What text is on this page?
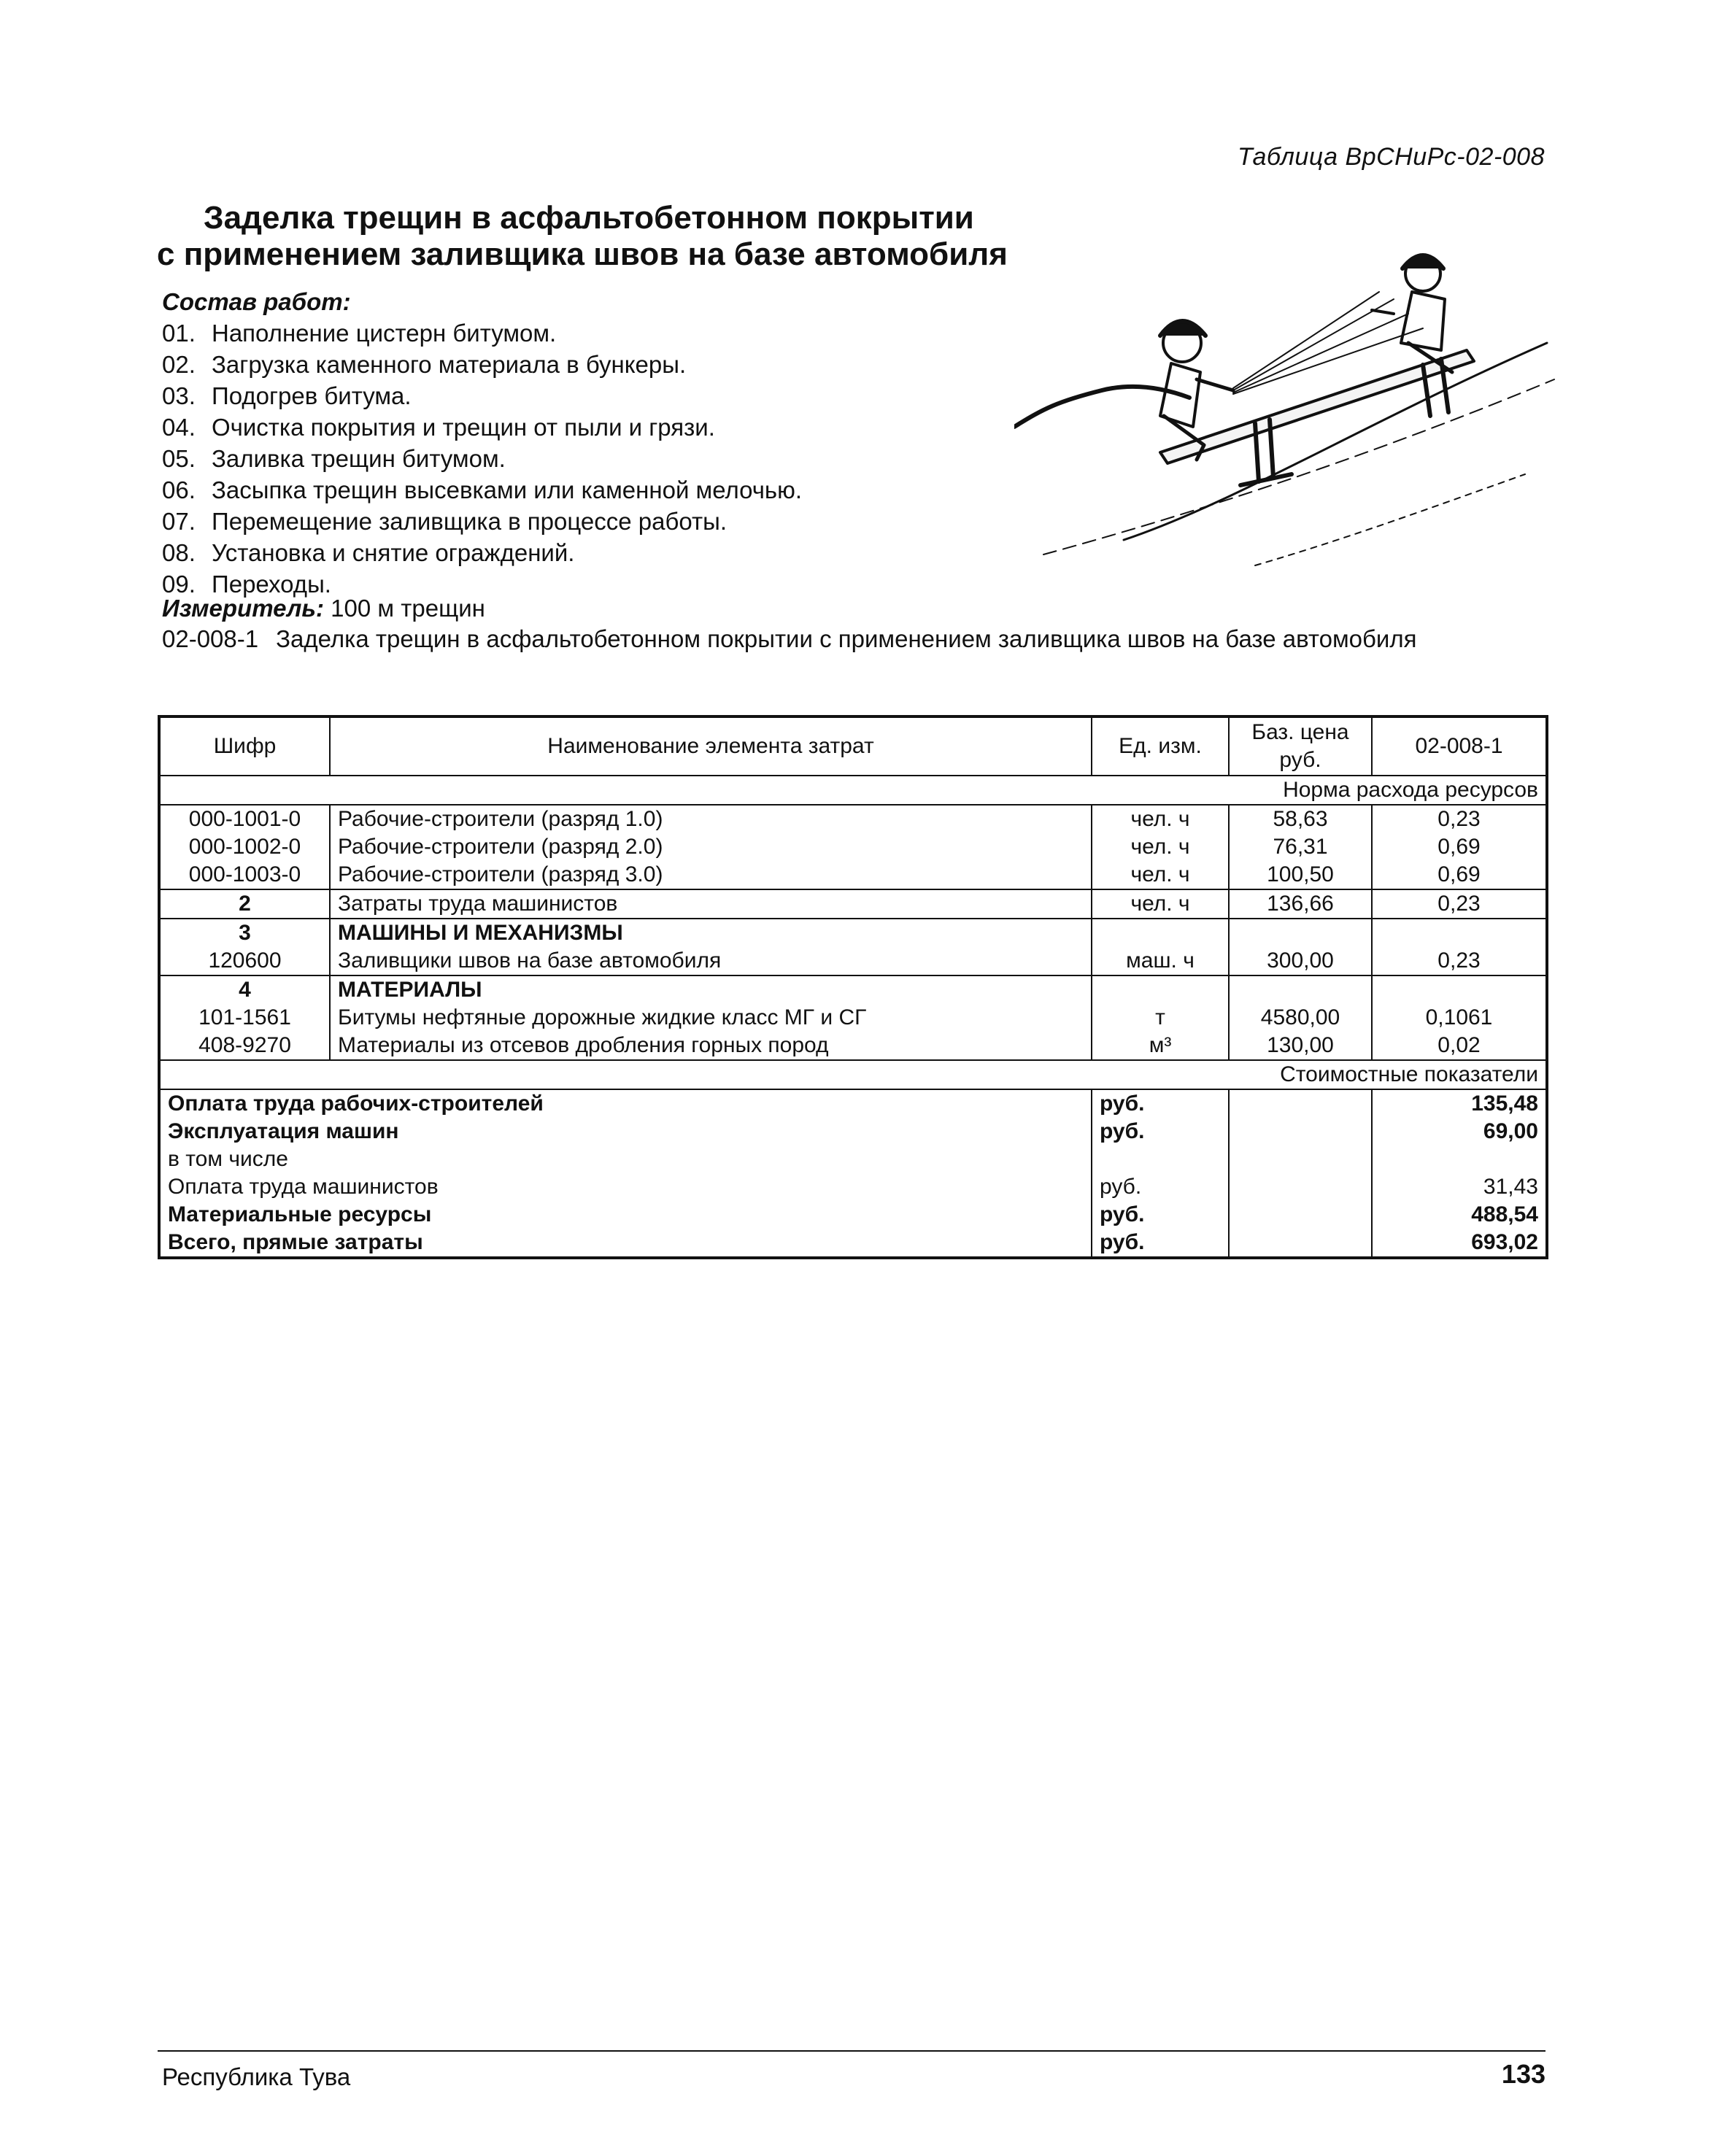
Таблица ВрСНиРс-02-008
Заделка трещин в асфальтобетонном покрытии
с применением заливщика швов на базе автомобиля
Состав работ:
01. Наполнение цистерн битумом.
02. Загрузка каменного материала в бункеры.
03. Подогрев битума.
04. Очистка покрытия и трещин от пыли и грязи.
05. Заливка трещин битумом.
06. Засыпка трещин высевками или каменной мелочью.
07. Перемещение заливщика в процессе работы.
08. Установка и снятие ограждений.
09. Переходы.
Измеритель: 100 м трещин
02-008-1 Заделка трещин в асфальтобетонном покрытии с применением заливщика швов на базе автомобиля
Шифр	Наименование элемента затрат	Ед. изм.	Баз. цена руб.	02-008-1
			Норма расхода ресурсов	
000-1001-0	Рабочие-строители (разряд 1.0)	чел. ч	58,63	0,23
000-1002-0	Рабочие-строители (разряд 2.0)	чел. ч	76,31	0,69
000-1003-0	Рабочие-строители (разряд 3.0)	чел. ч	100,50	0,69
2	Затраты труда машинистов	чел. ч	136,66	0,23
3	МАШИНЫ И МЕХАНИЗМЫ			
120600	Заливщики швов на базе автомобиля	маш. ч	300,00	0,23
4	МАТЕРИАЛЫ			
101-1561	Битумы нефтяные дорожные жидкие класс МГ и СГ	т	4580,00	0,1061
408-9270	Материалы из отсевов дробления горных пород	м³	130,00	0,02
			Стоимостные показатели	
Оплата труда рабочих-строителей		руб.		135,48
Эксплуатация машин		руб.		69,00
в том числе				
Оплата труда машинистов		руб.		31,43
Материальные ресурсы		руб.		488,54
Всего, прямые затраты		руб.		693,02
Республика Тува	133
